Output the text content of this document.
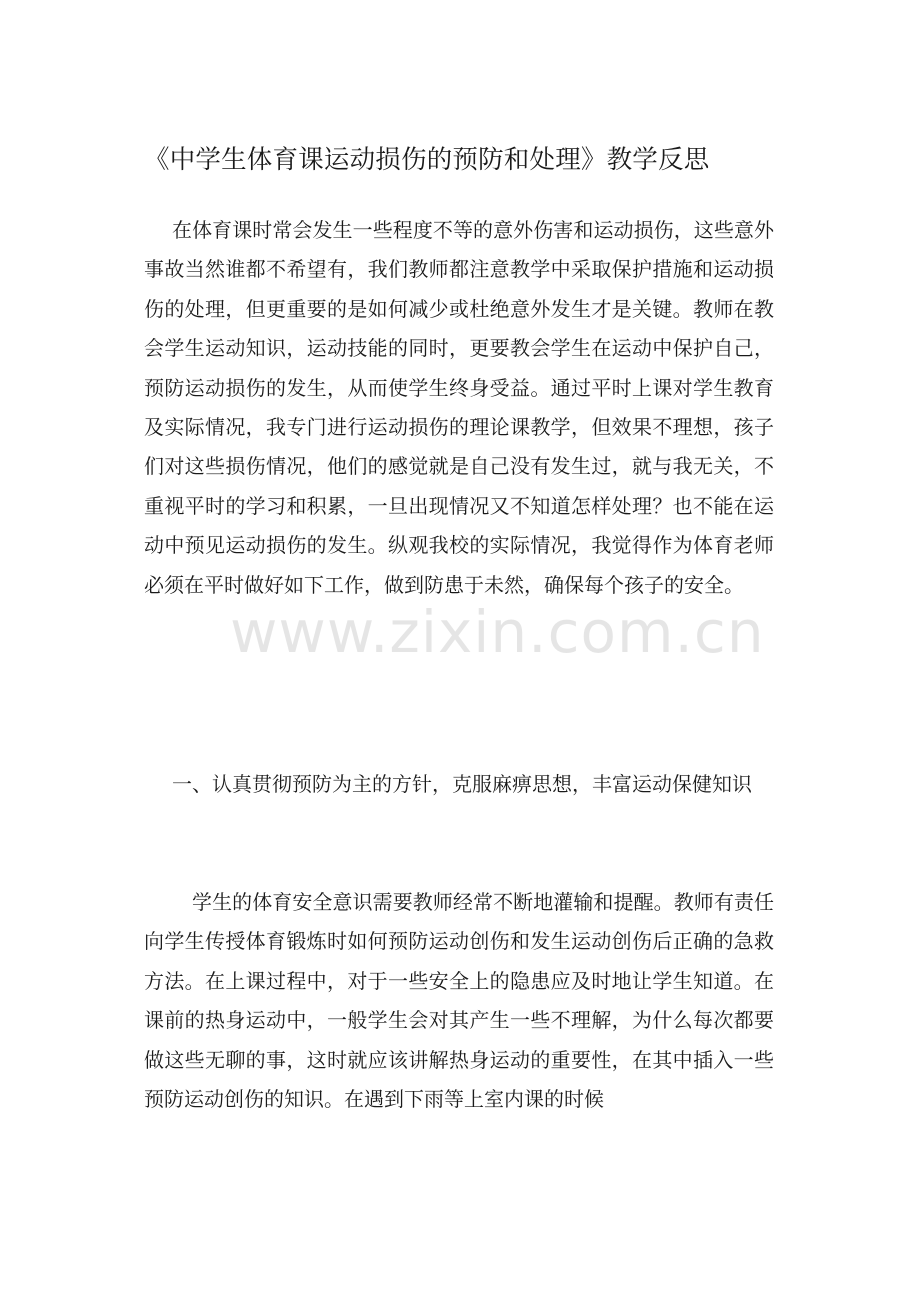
《中学生体育课运动损伤的预防和处理》教学反思
在体育课时常会发生一些程度不等的意外伤害和运动损伤，这些意外事故当然谁都不希望有，我们教师都注意教学中采取保护措施和运动损伤的处理，但更重要的是如何减少或杜绝意外发生才是关键。教师在教会学生运动知识，运动技能的同时，更要教会学生在运动中保护自己，预防运动损伤的发生，从而使学生终身受益。通过平时上课对学生教育及实际情况，我专门进行运动损伤的理论课教学，但效果不理想，孩子们对这些损伤情况，他们的感觉就是自己没有发生过，就与我无关，不重视平时的学习和积累，一旦出现情况又不知道怎样处理？也不能在运动中预见运动损伤的发生。纵观我校的实际情况，我觉得作为体育老师必须在平时做好如下工作，做到防患于未然，确保每个孩子的安全。
一、认真贯彻预防为主的方针，克服麻痹思想，丰富运动保健知识
学生的体育安全意识需要教师经常不断地灌输和提醒。教师有责任向学生传授体育锻炼时如何预防运动创伤和发生运动创伤后正确的急救方法。在上课过程中，对于一些安全上的隐患应及时地让学生知道。在课前的热身运动中，一般学生会对其产生一些不理解，为什么每次都要做这些无聊的事，这时就应该讲解热身运动的重要性，在其中插入一些预防运动创伤的知识。在遇到下雨等上室内课的时候
www.zixin.com.cn
